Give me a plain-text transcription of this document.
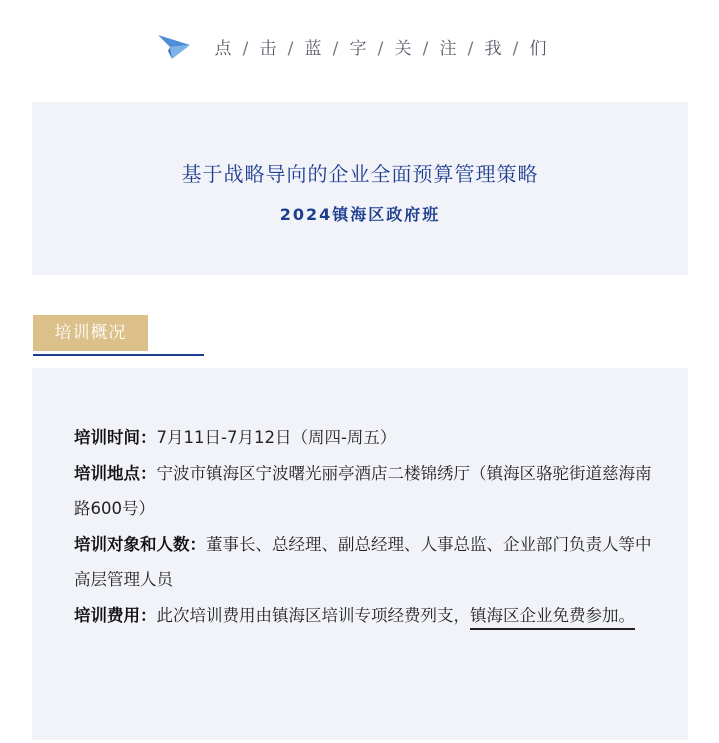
点 / 击 / 蓝 / 字 / 关 / 注 / 我 / 们
基于战略导向的企业全面预算管理策略
2024镇海区政府班
培训概况

培训时间：7月11日-7月12日（周四-周五）

培训地点：宁波市镇海区宁波曙光丽亭酒店二楼锦绣厅（镇海区骆驼街道慈海南路600号）

培训对象和人数：董事长、总经理、副总经理、人事总监、企业部门负责人等中高层管理人员

培训费用：此次培训费用由镇海区培训专项经费列支，镇海区企业免费参加。
